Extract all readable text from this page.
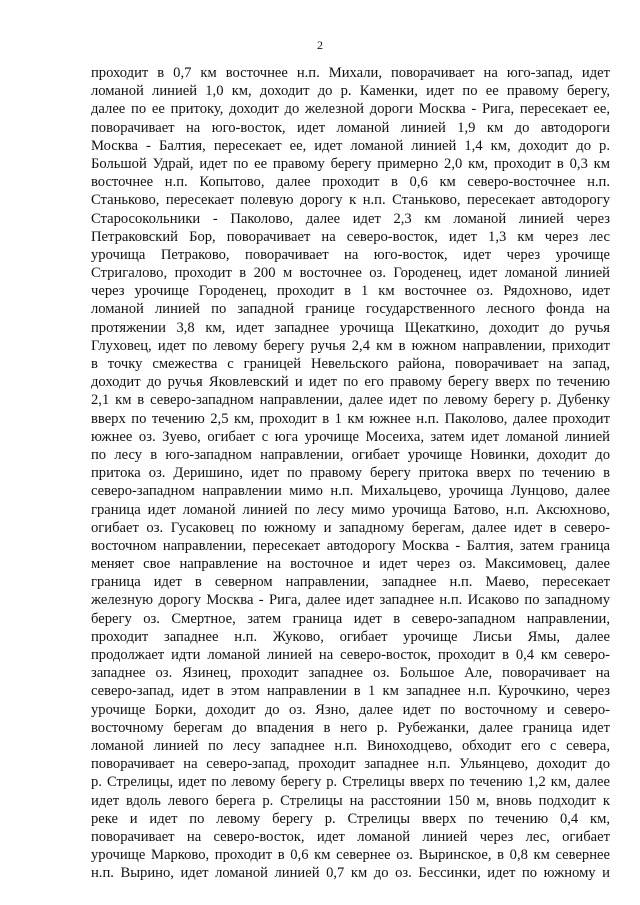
2
проходит в 0,7 км восточнее н.п. Михали, поворачивает на юго-запад, идет
ломаной линией 1,0 км, доходит до р. Каменки, идет по ее правому берегу,
далее по ее притоку, доходит до железной дороги Москва - Рига, пересекает ее,
поворачивает на юго-восток, идет ломаной линией 1,9 км до автодороги
Москва - Балтия, пересекает ее, идет ломаной линией 1,4 км, доходит до р.
Большой Удрай, идет по ее правому берегу примерно 2,0 км, проходит в 0,3 км
восточнее н.п. Копытово, далее проходит в 0,6 км северо-восточнее н.п.
Станьково, пересекает полевую дорогу к н.п. Станьково, пересекает автодорогу
Старосокольники - Паколово, далее идет 2,3 км ломаной линией через
Петраковский Бор, поворачивает на северо-восток, идет 1,3 км через лес
урочища Петраково, поворачивает на юго-восток, идет через урочище
Стригалово, проходит в 200 м восточнее оз. Городенец, идет ломаной линией
через урочище Городенец, проходит в 1 км восточнее оз. Рядохново, идет
ломаной линией по западной границе государственного лесного фонда на
протяжении 3,8 км, идет западнее урочища Щекаткино, доходит до ручья
Глуховец, идет по левому берегу ручья 2,4 км в южном направлении, приходит
в точку смежества с границей Невельского района, поворачивает на запад,
доходит до ручья Яковлевский и идет по его правому берегу вверх по течению
2,1 км в северо-западном направлении, далее идет по левому берегу р. Дубенку
вверх по течению 2,5 км, проходит в 1 км южнее н.п. Паколово, далее проходит
южнее оз. Зуево, огибает с юга урочище Мосеиха, затем идет ломаной линией
по лесу в юго-западном направлении, огибает урочище Новинки, доходит до
притока оз. Деришино, идет по правому берегу притока вверх по течению в
северо-западном направлении мимо н.п. Михальцево, урочища Лунцово, далее
граница идет ломаной линией по лесу мимо урочища Батово, н.п. Аксюхново,
огибает оз. Гусаковец по южному и западному берегам, далее идет в северо-
восточном направлении, пересекает автодорогу Москва - Балтия, затем граница
меняет свое направление на восточное и идет через оз. Максимовец, далее
граница идет в северном направлении, западнее н.п. Маево, пересекает
железную дорогу Москва - Рига, далее идет западнее н.п. Исаково по западному
берегу оз. Смертное, затем граница идет в северо-западном направлении,
проходит западнее н.п. Жуково, огибает урочище Лисьи Ямы, далее
продолжает идти ломаной линией на северо-восток, проходит в 0,4 км северо-
западнее оз. Язинец, проходит западнее оз. Большое Але, поворачивает на
северо-запад, идет в этом направлении в 1 км западнее н.п. Курочкино, через
урочище Борки, доходит до оз. Язно, далее идет по восточному и северо-
восточному берегам до впадения в него р. Рубежанки, далее граница идет
ломаной линией по лесу западнее н.п. Виноходцево, обходит его с севера,
поворачивает на северо-запад, проходит западнее н.п. Ульянцево, доходит до
р. Стрелицы, идет по левому берегу р. Стрелицы вверх по течению 1,2 км, далее
идет вдоль левого берега р. Стрелицы на расстоянии 150 м, вновь подходит к
реке и идет по левому берегу р. Стрелицы вверх по течению 0,4 км,
поворачивает на северо-восток, идет ломаной линией через лес, огибает
урочище Марково, проходит в 0,6 км севернее оз. Выринское, в 0,8 км севернее
н.п. Вырино, идет ломаной линией 0,7 км до оз. Бессинки, идет по южному и
